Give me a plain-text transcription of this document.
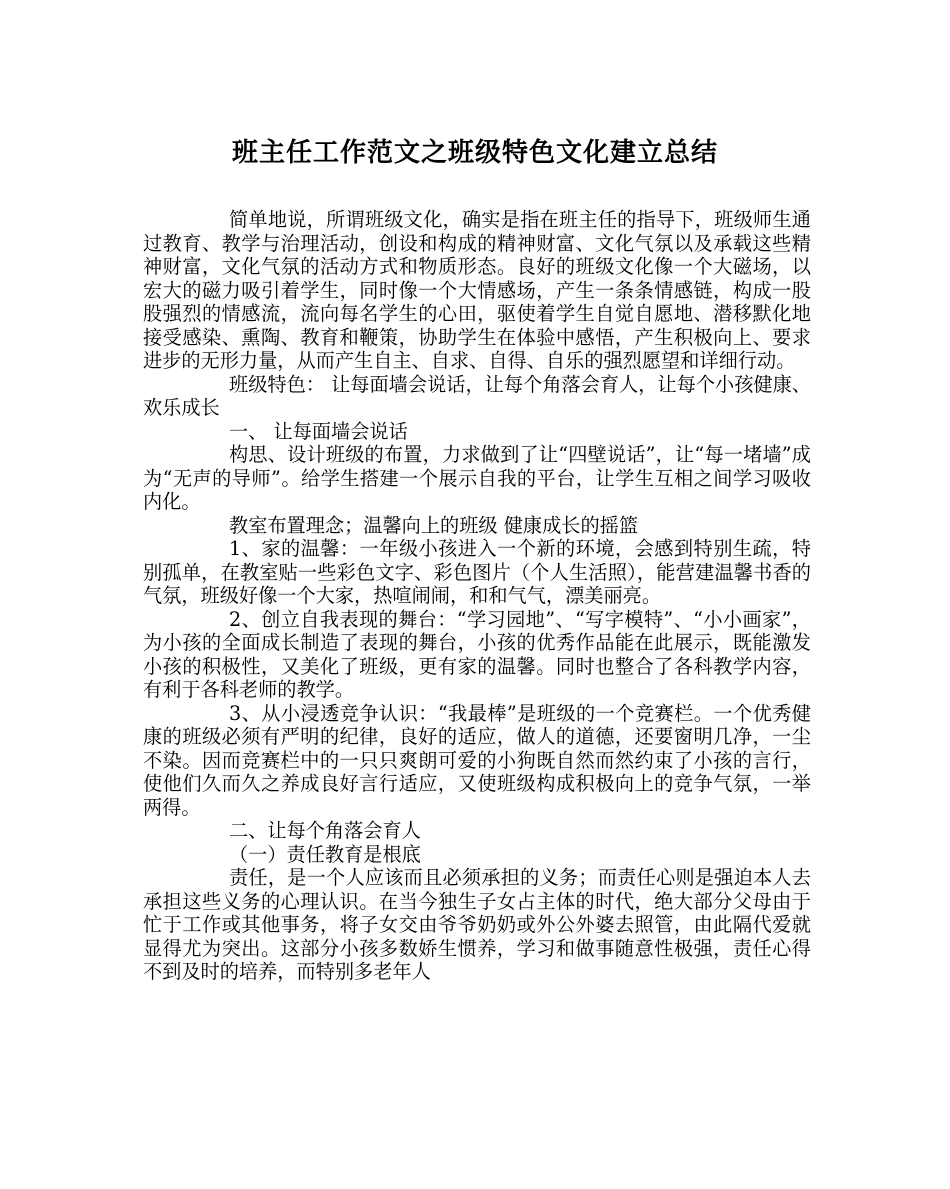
班主任工作范文之班级特色文化建立总结

简单地说，所谓班级文化，确实是指在班主任的指导下，班级师生通过教育、教学与治理活动，创设和构成的精神财富、文化气氛以及承载这些精神财富，文化气氛的活动方式和物质形态。良好的班级文化像一个大磁场，以宏大的磁力吸引着学生，同时像一个大情感场，产生一条条情感链，构成一股股强烈的情感流，流向每名学生的心田，驱使着学生自觉自愿地、潜移默化地接受感染、熏陶、教育和鞭策，协助学生在体验中感悟，产生积极向上、要求进步的无形力量，从而产生自主、自求、自得、自乐的强烈愿望和详细行动。

班级特色： 让每面墙会说话，让每个角落会育人，让每个小孩健康、欢乐成长

一、 让每面墙会说话

构思、设计班级的布置，力求做到了让“四壁说话”，让“每一堵墙”成为“无声的导师”。给学生搭建一个展示自我的平台，让学生互相之间学习吸收内化。

教室布置理念；温馨向上的班级 健康成长的摇篮

1、家的温馨：一年级小孩进入一个新的环境，会感到特别生疏，特别孤单，在教室贴一些彩色文字、彩色图片（个人生活照），能营建温馨书香的气氛，班级好像一个大家，热喧闹闹，和和气气，漂美丽亮。

2、创立自我表现的舞台：“学习园地”、“写字模特”、“小小画家”，为小孩的全面成长制造了表现的舞台，小孩的优秀作品能在此展示，既能激发小孩的积极性，又美化了班级，更有家的温馨。同时也整合了各科教学内容，有利于各科老师的教学。

3、从小浸透竞争认识：“我最棒”是班级的一个竞赛栏。一个优秀健康的班级必须有严明的纪律，良好的适应，做人的道德，还要窗明几净，一尘不染。因而竞赛栏中的一只只爽朗可爱的小狗既自然而然约束了小孩的言行，使他们久而久之养成良好言行适应，又使班级构成积极向上的竞争气氛，一举两得。

二、让每个角落会育人

（一）责任教育是根底

责任，是一个人应该而且必须承担的义务；而责任心则是强迫本人去承担这些义务的心理认识。在当今独生子女占主体的时代，绝大部分父母由于忙于工作或其他事务，将子女交由爷爷奶奶或外公外婆去照管，由此隔代爱就显得尤为突出。这部分小孩多数娇生惯养，学习和做事随意性极强，责任心得不到及时的培养，而特别多老年人
